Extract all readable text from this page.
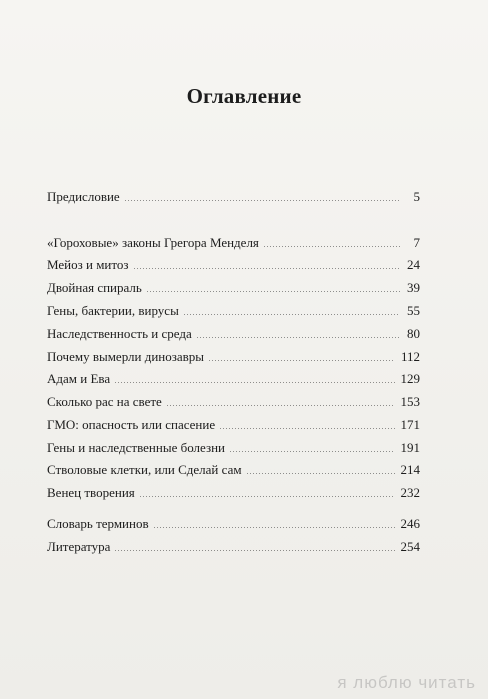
Оглавление
Предисловие	5
«Гороховые» законы Грегора Менделя	7
Мейоз и митоз	24
Двойная спираль	39
Гены, бактерии, вирусы	55
Наследственность и среда	80
Почему вымерли динозавры	112
Адам и Ева	129
Сколько рас на свете	153
ГМО: опасность или спасение	171
Гены и наследственные болезни	191
Стволовые клетки, или Сделай сам	214
Венец творения	232
Словарь терминов	246
Литература	254
я люблю читать
